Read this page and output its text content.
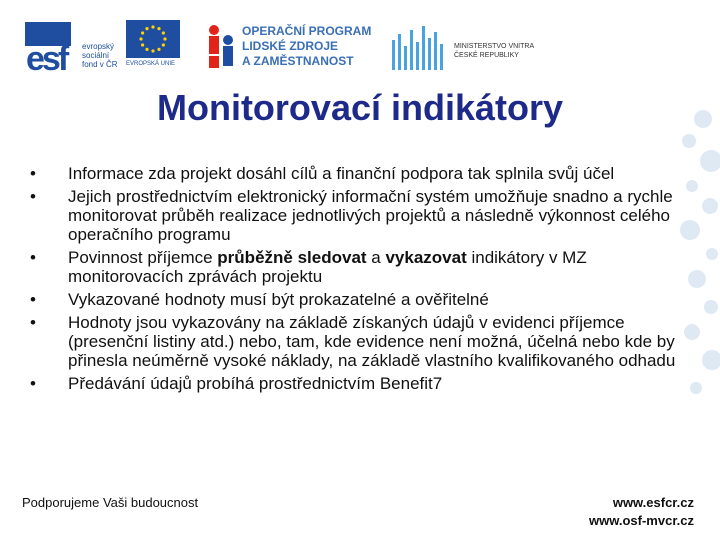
esf evropský
sociální
fond v ČR EVROPSKÁ UNIE
OPERAČNÍ PROGRAM
LIDSKÉ ZDROJE
A ZAMĚSTNANOST
MINISTERSTVO VNITRA
ČESKÉ REPUBLIKY
Monitorovací indikátory
• Informace zda projekt dosáhl cílů a finanční podpora tak splnila svůj účel
• Jejich prostřednictvím elektronický informační systém umožňuje snadno a rychle monitorovat průběh realizace jednotlivých projektů a následně výkonnost celého operačního programu
• Povinnost příjemce průběžně sledovat a vykazovat indikátory v MZ monitorovacích zprávách projektu
• Vykazované hodnoty musí být prokazatelné a ověřitelné
• Hodnoty jsou vykazovány na základě získaných údajů v evidenci příjemce (presenční listiny atd.) nebo, tam, kde evidence není možná, účelná nebo kde by přinesla neúměrně vysoké náklady, na základě vlastního kvalifikovaného odhadu
• Předávání údajů probíhá prostřednictvím Benefit7
Podporujeme Vaši budoucnost	www.esfcr.cz
www.osf-mvcr.cz
